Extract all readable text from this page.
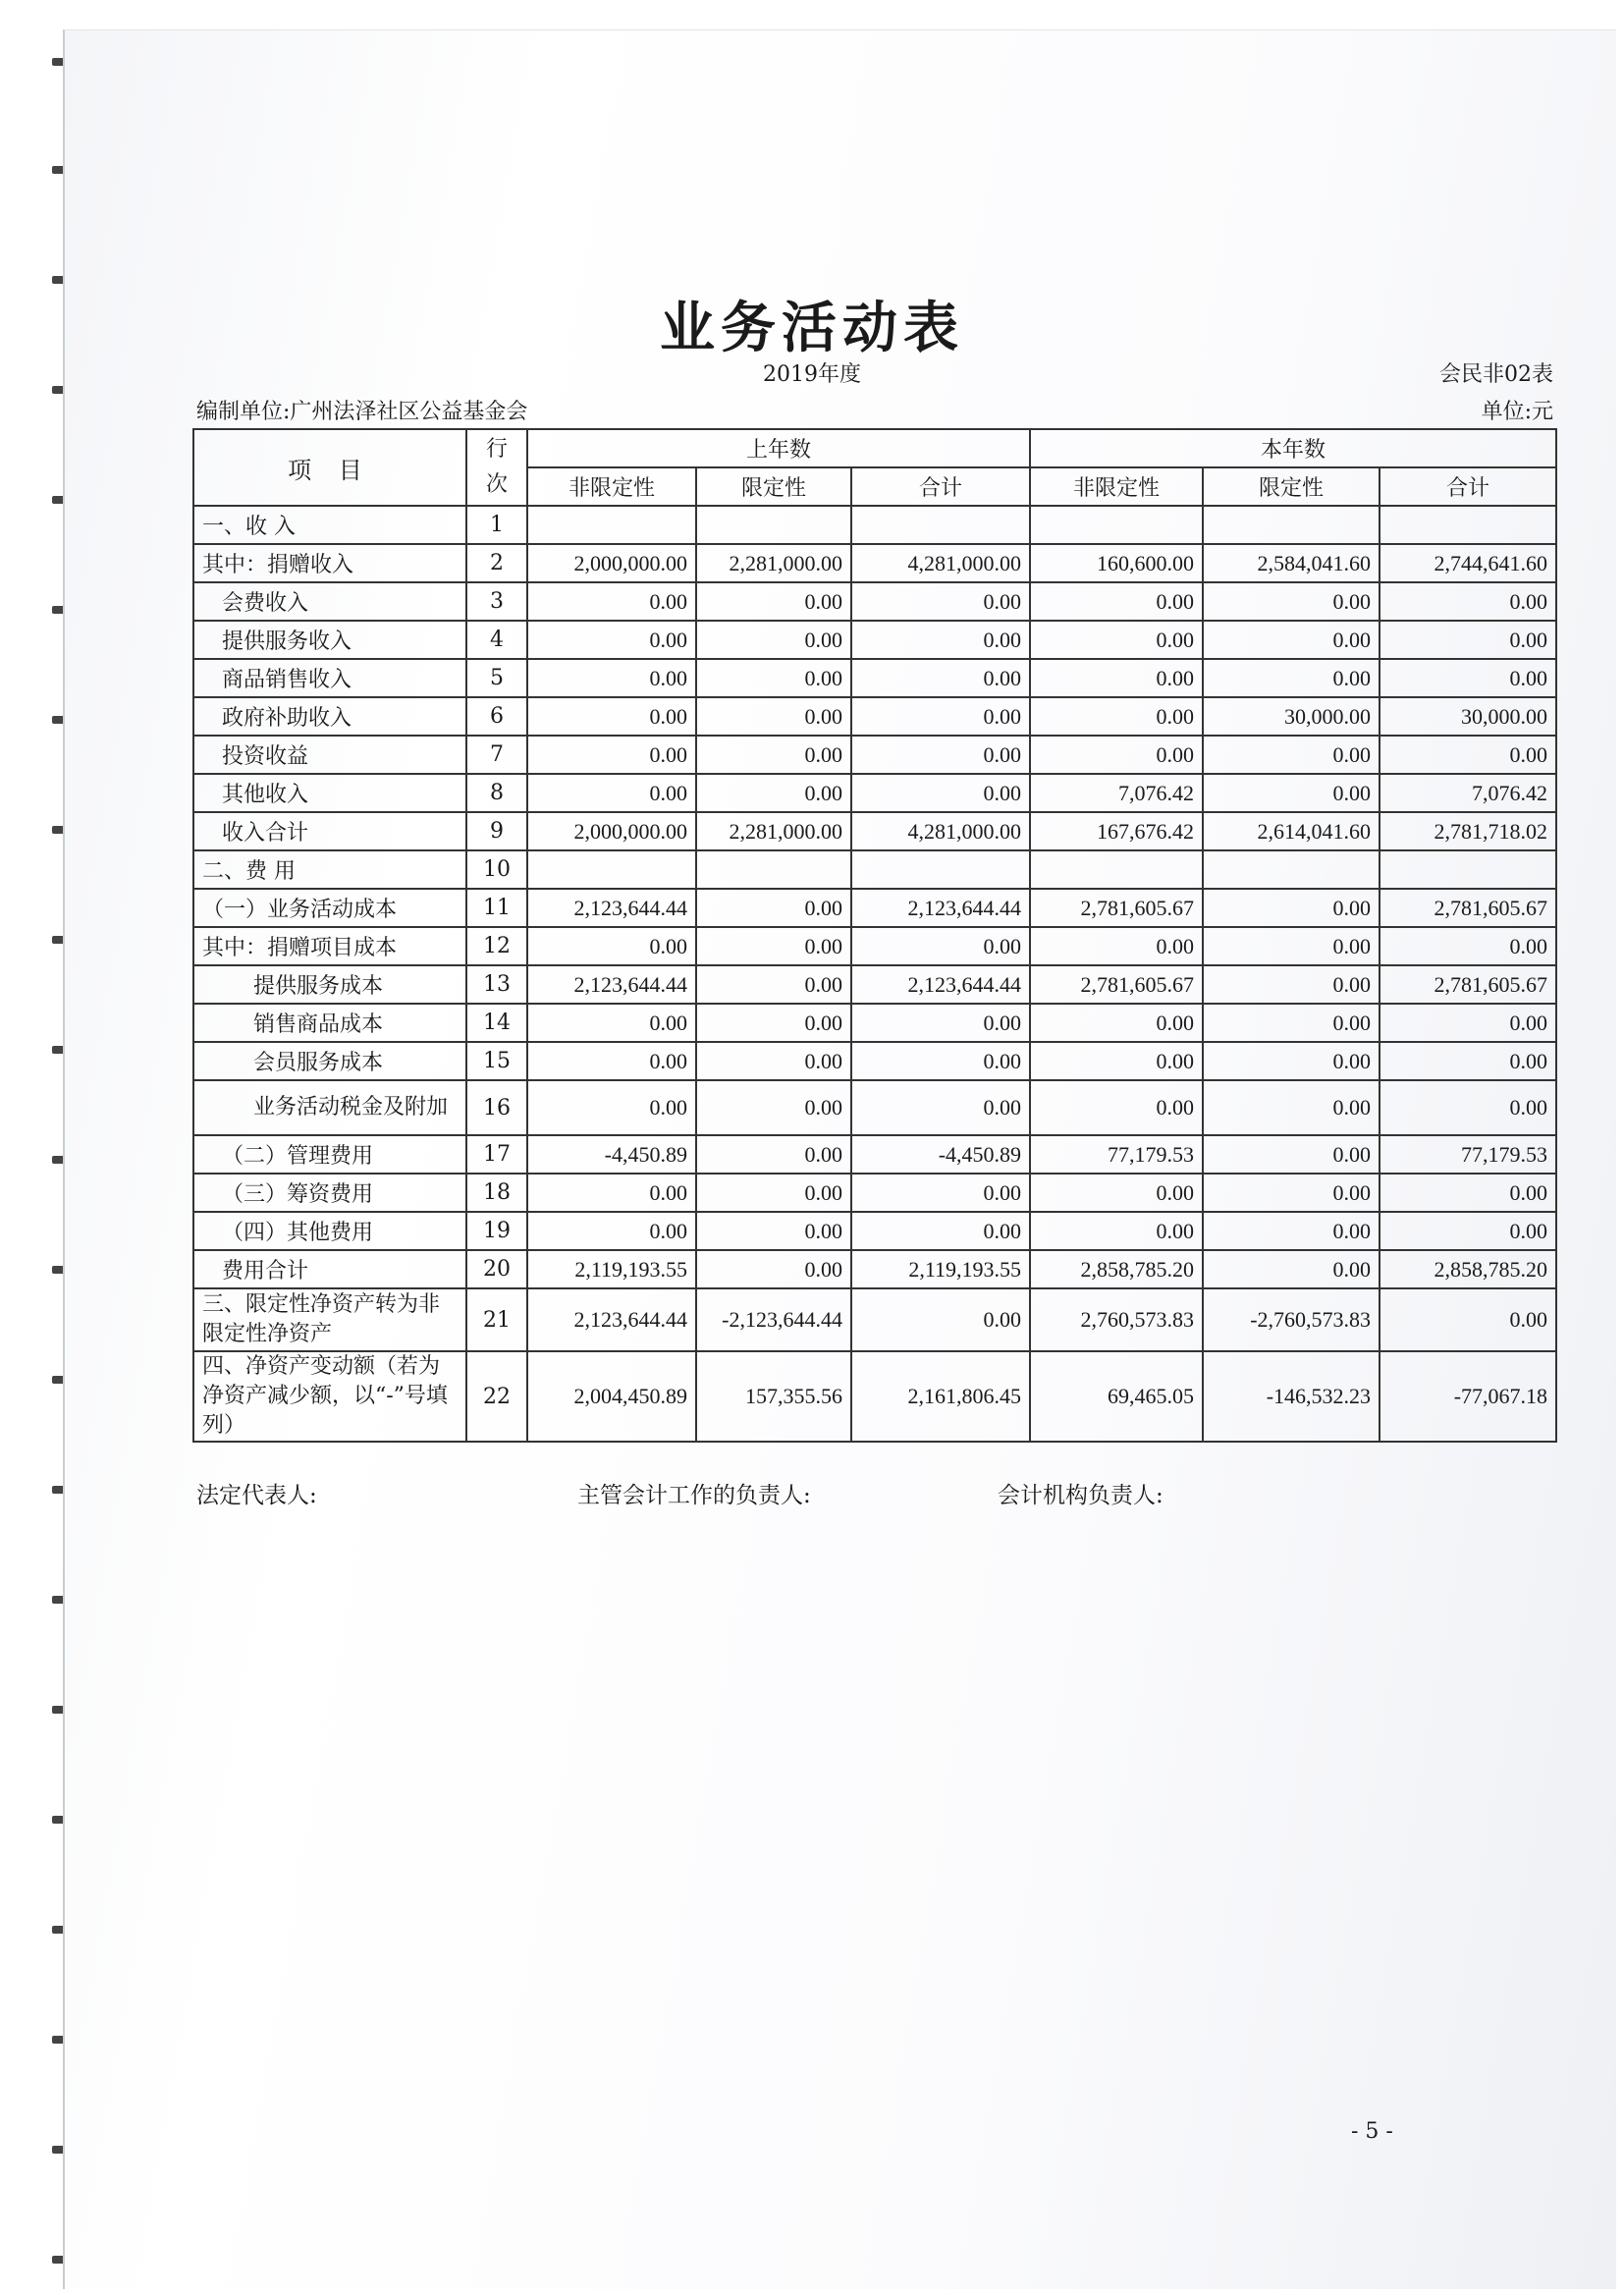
业务活动表
2019年度	会民非02表
编制单位:广州法泽社区公益基金会	单位:元
项 目	行次	上年数			本年数		
		非限定性	限定性	合计	非限定性	限定性	合计
一、收 入	1						
其中：捐赠收入	2	2,000,000.00	2,281,000.00	4,281,000.00	160,600.00	2,584,041.60	2,744,641.60
会费收入	3	0.00	0.00	0.00	0.00	0.00	0.00
提供服务收入	4	0.00	0.00	0.00	0.00	0.00	0.00
商品销售收入	5	0.00	0.00	0.00	0.00	0.00	0.00
政府补助收入	6	0.00	0.00	0.00	0.00	30,000.00	30,000.00
投资收益	7	0.00	0.00	0.00	0.00	0.00	0.00
其他收入	8	0.00	0.00	0.00	7,076.42	0.00	7,076.42
收入合计	9	2,000,000.00	2,281,000.00	4,281,000.00	167,676.42	2,614,041.60	2,781,718.02
二、费 用	10						
（一）业务活动成本	11	2,123,644.44	0.00	2,123,644.44	2,781,605.67	0.00	2,781,605.67
其中：捐赠项目成本	12	0.00	0.00	0.00	0.00	0.00	0.00
提供服务成本	13	2,123,644.44	0.00	2,123,644.44	2,781,605.67	0.00	2,781,605.67
销售商品成本	14	0.00	0.00	0.00	0.00	0.00	0.00
会员服务成本	15	0.00	0.00	0.00	0.00	0.00	0.00
业务活动税金及附加	16	0.00	0.00	0.00	0.00	0.00	0.00
（二）管理费用	17	-4,450.89	0.00	-4,450.89	77,179.53	0.00	77,179.53
（三）筹资费用	18	0.00	0.00	0.00	0.00	0.00	0.00
（四）其他费用	19	0.00	0.00	0.00	0.00	0.00	0.00
费用合计	20	2,119,193.55	0.00	2,119,193.55	2,858,785.20	0.00	2,858,785.20
三、限定性净资产转为非限定性净资产	21	2,123,644.44	-2,123,644.44	0.00	2,760,573.83	-2,760,573.83	0.00
四、净资产变动额（若为净资产减少额，以“-”号填列）	22	2,004,450.89	157,355.56	2,161,806.45	69,465.05	-146,532.23	-77,067.18
法定代表人:	主管会计工作的负责人:	会计机构负责人:
- 5 -
